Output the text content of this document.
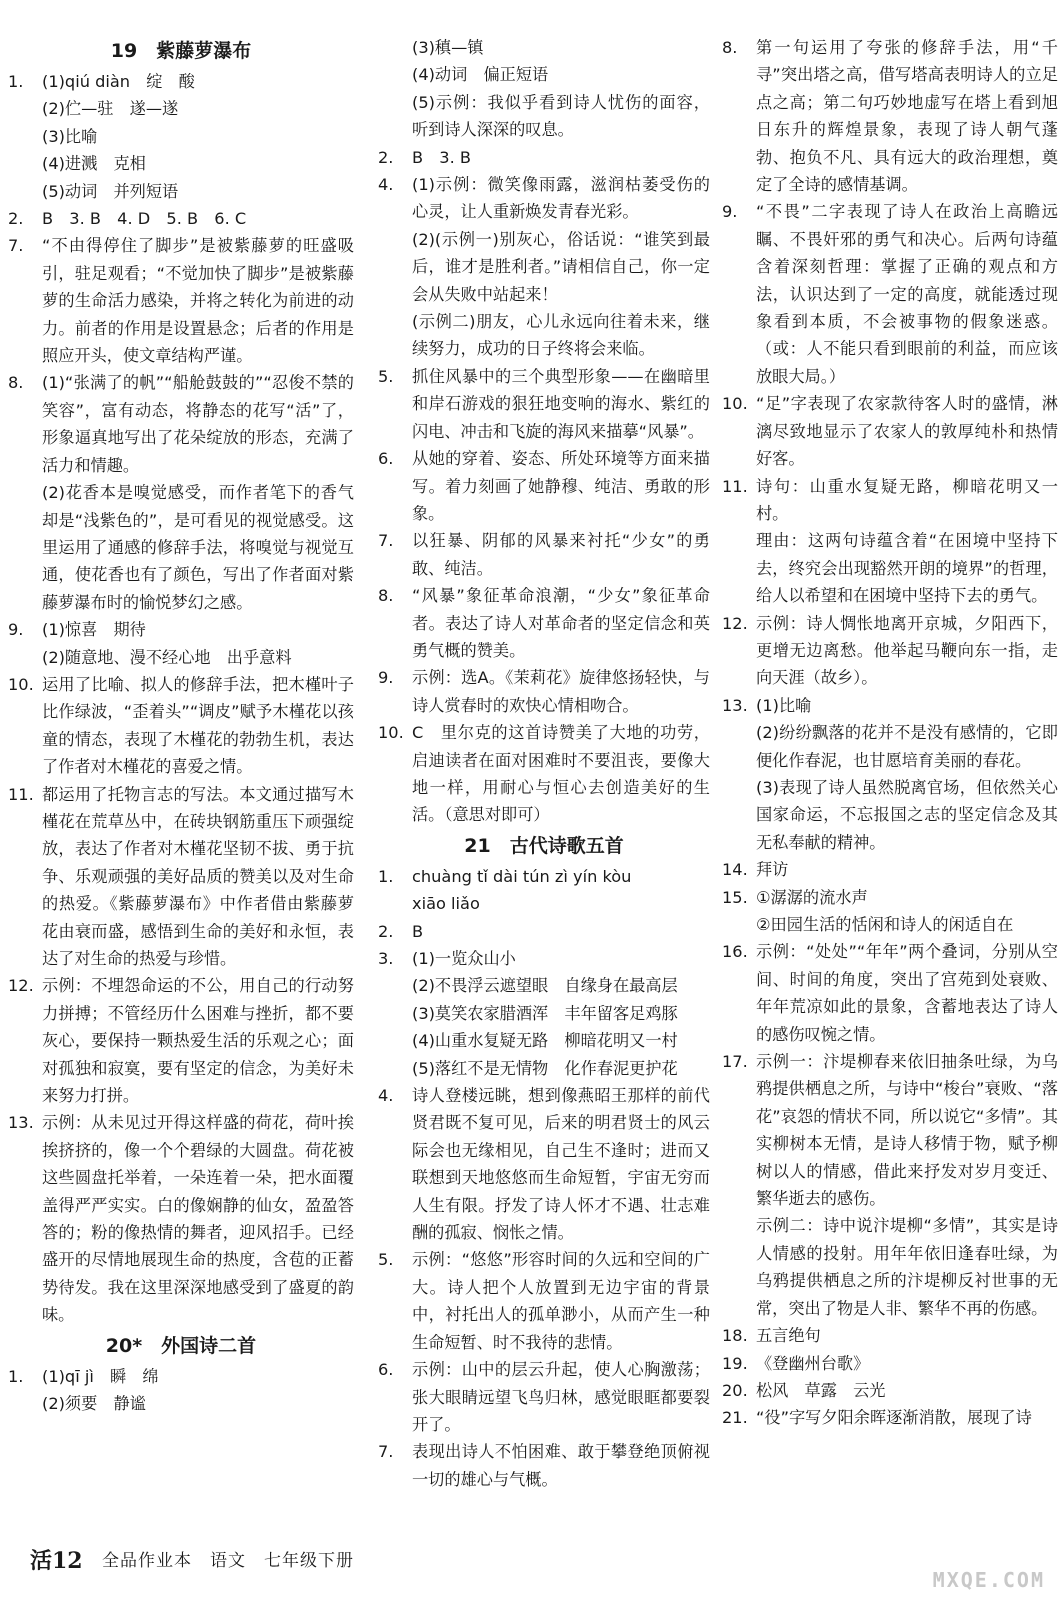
19　紫藤萝瀑布
1.	(1)qiú diàn　绽　酸
(2)伫—驻　遂—遂
(3)比喻
(4)进溅　克相
(5)动词　并列短语
2.	B　3. B　4. D　5. B　6. C
7.	“不由得停住了脚步”是被紫藤萝的旺盛吸引，驻足观看；“不觉加快了脚步”是被紫藤萝的生命活力感染，并将之转化为前进的动力。前者的作用是设置悬念；后者的作用是照应开头，使文章结构严谨。
8.	(1)“张满了的帆”“船舱鼓鼓的”“忍俊不禁的笑容”，富有动态，将静态的花写“活”了，形象逼真地写出了花朵绽放的形态，充满了活力和情趣。
(2)花香本是嗅觉感受，而作者笔下的香气却是“浅紫色的”，是可看见的视觉感受。这里运用了通感的修辞手法，将嗅觉与视觉互通，使花香也有了颜色，写出了作者面对紫藤萝瀑布时的愉悦梦幻之感。
9.	(1)惊喜　期待
(2)随意地、漫不经心地　出乎意料
10. 运用了比喻、拟人的修辞手法，把木槿叶子比作绿波，“歪着头”“调皮”赋予木槿花以孩童的情态，表现了木槿花的勃勃生机，表达了作者对木槿花的喜爱之情。
11. 都运用了托物言志的写法。本文通过描写木槿花在荒草丛中，在砖块钢筋重压下顽强绽放，表达了作者对木槿花坚韧不拔、勇于抗争、乐观顽强的美好品质的赞美以及对生命的热爱。《紫藤萝瀑布》中作者借由紫藤萝花由衰而盛，感悟到生命的美好和永恒，表达了对生命的热爱与珍惜。
12. 示例：不埋怨命运的不公，用自己的行动努力拼搏；不管经历什么困难与挫折，都不要灰心，要保持一颗热爱生活的乐观之心；面对孤独和寂寞，要有坚定的信念，为美好未来努力打拼。
13. 示例：从未见过开得这样盛的荷花，荷叶挨挨挤挤的，像一个个碧绿的大圆盘。荷花被这些圆盘托举着，一朵连着一朵，把水面覆盖得严严实实。白的像娴静的仙女，盈盈答答的；粉的像热情的舞者，迎风招手。已经盛开的尽情地展现生命的热度，含苞的正蓄势待发。我在这里深深地感受到了盛夏的韵味。
20*　外国诗二首
1.	(1)qī jì　瞬　绵
(2)须要　静谧
(3)稹—镇
(4)动词　偏正短语
(5)示例：我似乎看到诗人忧伤的面容，听到诗人深深的叹息。
2.	B　3. B
4.	(1)示例：微笑像雨露，滋润枯萎受伤的心灵，让人重新焕发青春光彩。
(2)(示例一)别灰心，俗话说：“谁笑到最后，谁才是胜利者。”请相信自己，你一定会从失败中站起来！
(示例二)朋友，心儿永远向往着未来，继续努力，成功的日子终将会来临。
5.	抓住风暴中的三个典型形象——在幽暗里和岸石游戏的狠狂地变响的海水、紫红的闪电、冲击和飞旋的海风来描摹“风暴”。
6.	从她的穿着、姿态、所处环境等方面来描写。着力刻画了她静穆、纯洁、勇敢的形象。
7.	以狂暴、阴郁的风暴来衬托“少女”的勇敢、纯洁。
8.	“风暴”象征革命浪潮，“少女”象征革命者。表达了诗人对革命者的坚定信念和英勇气概的赞美。
9.	示例：选A。《茉莉花》旋律悠扬轻快，与诗人赏春时的欢快心情相吻合。
10. C　里尔克的这首诗赞美了大地的功劳，启迪读者在面对困难时不要沮丧，要像大地一样，用耐心与恒心去创造美好的生活。（意思对即可）
21　古代诗歌五首
1.	chuàng tǐ dài tún zì yín kòu
xiāo liǎo
2.	B
3.	(1)一览众山小
(2)不畏浮云遮望眼　自缘身在最高层
(3)莫笑农家腊酒浑　丰年留客足鸡豚
(4)山重水复疑无路　柳暗花明又一村
(5)落红不是无情物　化作春泥更护花
4.	诗人登楼远眺，想到像燕昭王那样的前代贤君既不复可见，后来的明君贤士的风云际会也无缘相见，自己生不逢时；进而又联想到天地悠悠而生命短暂，宇宙无穷而人生有限。抒发了诗人怀才不遇、壮志难酬的孤寂、悯怅之情。
5.	示例：“悠悠”形容时间的久远和空间的广大。诗人把个人放置到无边宇宙的背景中，衬托出人的孤单渺小，从而产生一种生命短暂、时不我待的悲情。
6.	示例：山中的层云升起，使人心胸激荡；张大眼睛远望飞鸟归林，感觉眼眶都要裂开了。
7.	表现出诗人不怕困难、敢于攀登绝顶俯视一切的雄心与气概。
8.	第一句运用了夸张的修辞手法，用“千寻”突出塔之高，借写塔高表明诗人的立足点之高；第二句巧妙地虚写在塔上看到旭日东升的辉煌景象，表现了诗人朝气蓬勃、抱负不凡、具有远大的政治理想，奠定了全诗的感情基调。
9.	“不畏”二字表现了诗人在政治上高瞻远瞩、不畏奸邪的勇气和决心。后两句诗蕴含着深刻哲理：掌握了正确的观点和方法，认识达到了一定的高度，就能透过现象看到本质，不会被事物的假象迷惑。（或：人不能只看到眼前的利益，而应该放眼大局。）
10. “足”字表现了农家款待客人时的盛情，淋漓尽致地显示了农家人的敦厚纯朴和热情好客。
11. 诗句：山重水复疑无路，柳暗花明又一村。
理由：这两句诗蕴含着“在困境中坚持下去，终究会出现豁然开朗的境界”的哲理，给人以希望和在困境中坚持下去的勇气。
12. 示例：诗人惆怅地离开京城，夕阳西下，更增无边离愁。他举起马鞭向东一指，走向天涯（故乡）。
13. (1)比喻
(2)纷纷飘落的花并不是没有感情的，它即便化作春泥，也甘愿培育美丽的春花。
(3)表现了诗人虽然脱离官场，但依然关心国家命运，不忘报国之志的坚定信念及其无私奉献的精神。
14. 拜访
15. ①潺潺的流水声
②田园生活的恬闲和诗人的闲适自在
16. 示例：“处处”“年年”两个叠词，分别从空间、时间的角度，突出了宫苑到处衰败、年年荒凉如此的景象，含蓄地表达了诗人的感伤叹惋之情。
17. 示例一：汴堤柳春来依旧抽条吐绿，为乌鸦提供栖息之所，与诗中“梭台”衰败、“落花”哀怨的情状不同，所以说它“多情”。其实柳树本无情，是诗人移情于物，赋予柳树以人的情感，借此来抒发对岁月变迁、繁华逝去的感伤。
示例二：诗中说汴堤柳“多情”，其实是诗人情感的投射。用年年依旧逢春吐绿，为乌鸦提供栖息之所的汴堤柳反衬世事的无常，突出了物是人非、繁华不再的伤感。
18. 五言绝句
19. 《登幽州台歌》
20. 松风　草露　云光
21. “役”字写夕阳余晖逐渐消散，展现了诗
活12 全品作业本　语文　七年级下册
MXQE.COM
